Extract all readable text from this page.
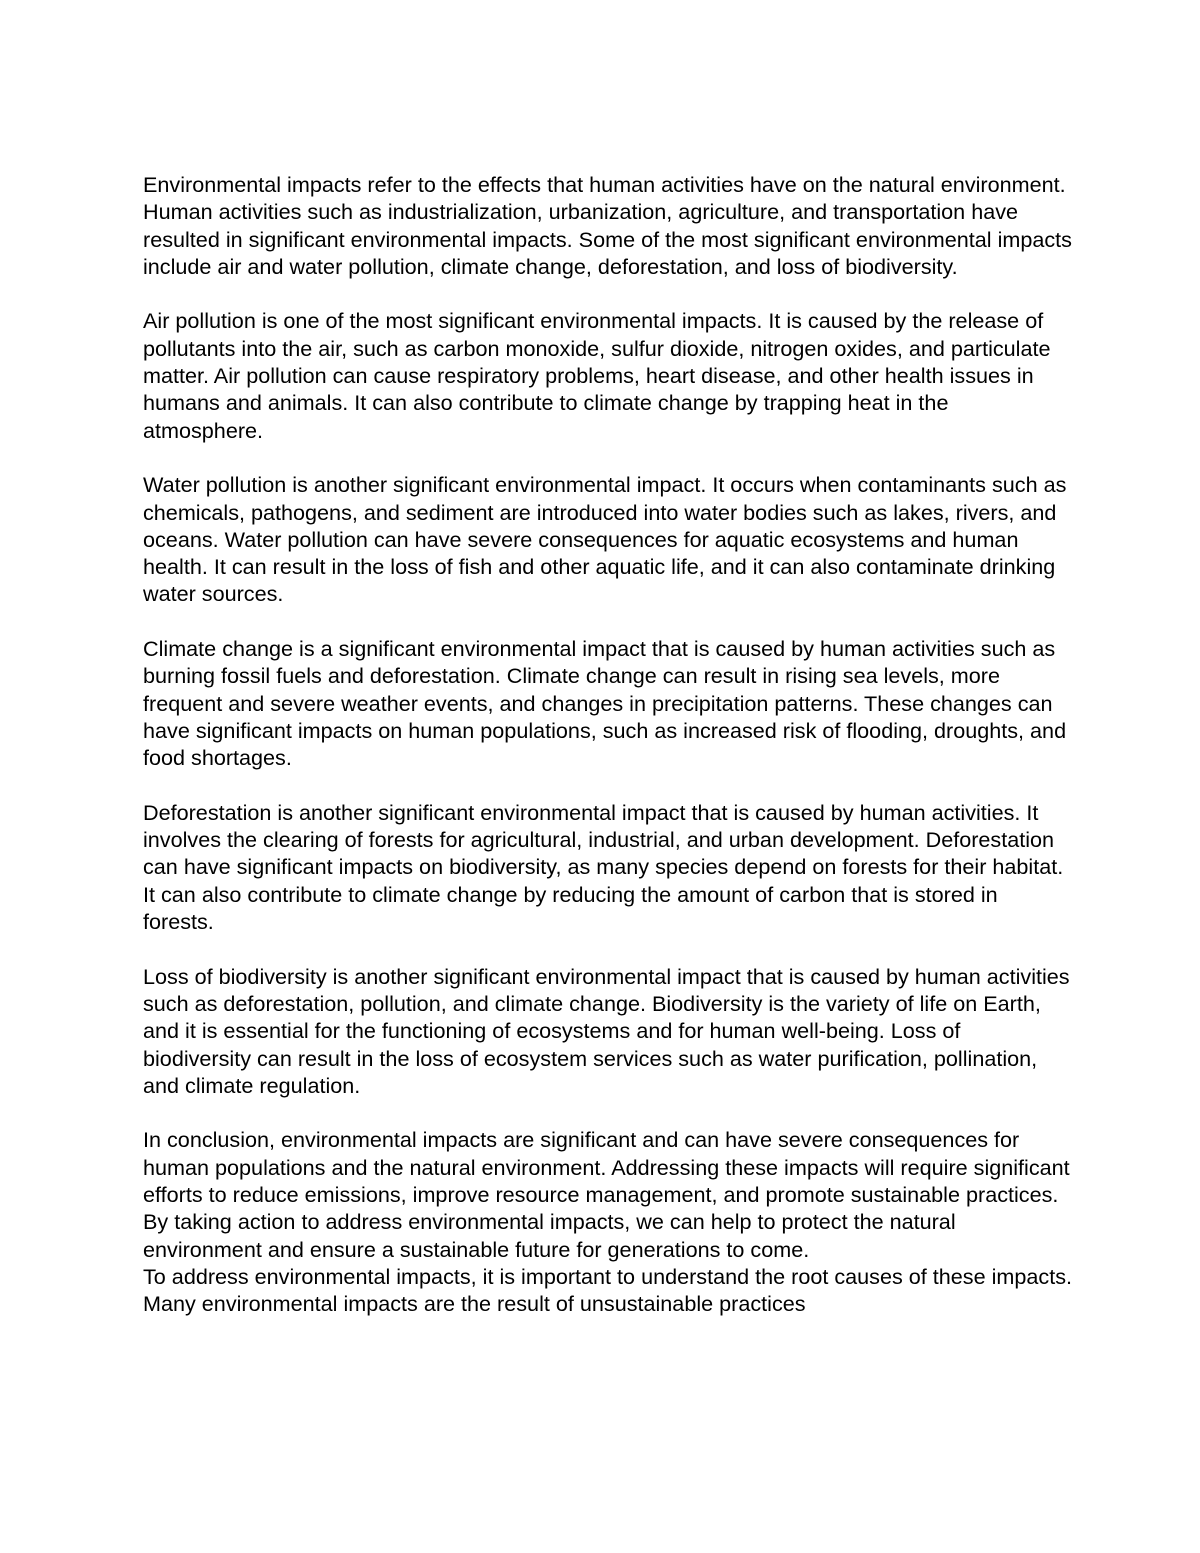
Environmental impacts refer to the effects that human activities have on the natural environment. Human activities such as industrialization, urbanization, agriculture, and transportation have resulted in significant environmental impacts. Some of the most significant environmental impacts include air and water pollution, climate change, deforestation, and loss of biodiversity.

Air pollution is one of the most significant environmental impacts. It is caused by the release of pollutants into the air, such as carbon monoxide, sulfur dioxide, nitrogen oxides, and particulate matter. Air pollution can cause respiratory problems, heart disease, and other health issues in humans and animals. It can also contribute to climate change by trapping heat in the atmosphere.

Water pollution is another significant environmental impact. It occurs when contaminants such as chemicals, pathogens, and sediment are introduced into water bodies such as lakes, rivers, and oceans. Water pollution can have severe consequences for aquatic ecosystems and human health. It can result in the loss of fish and other aquatic life, and it can also contaminate drinking water sources.

Climate change is a significant environmental impact that is caused by human activities such as burning fossil fuels and deforestation. Climate change can result in rising sea levels, more frequent and severe weather events, and changes in precipitation patterns. These changes can have significant impacts on human populations, such as increased risk of flooding, droughts, and food shortages.

Deforestation is another significant environmental impact that is caused by human activities. It involves the clearing of forests for agricultural, industrial, and urban development. Deforestation can have significant impacts on biodiversity, as many species depend on forests for their habitat. It can also contribute to climate change by reducing the amount of carbon that is stored in forests.

Loss of biodiversity is another significant environmental impact that is caused by human activities such as deforestation, pollution, and climate change. Biodiversity is the variety of life on Earth, and it is essential for the functioning of ecosystems and for human well-being. Loss of biodiversity can result in the loss of ecosystem services such as water purification, pollination, and climate regulation.

In conclusion, environmental impacts are significant and can have severe consequences for human populations and the natural environment. Addressing these impacts will require significant efforts to reduce emissions, improve resource management, and promote sustainable practices. By taking action to address environmental impacts, we can help to protect the natural environment and ensure a sustainable future for generations to come.

To address environmental impacts, it is important to understand the root causes of these impacts. Many environmental impacts are the result of unsustainable practices
